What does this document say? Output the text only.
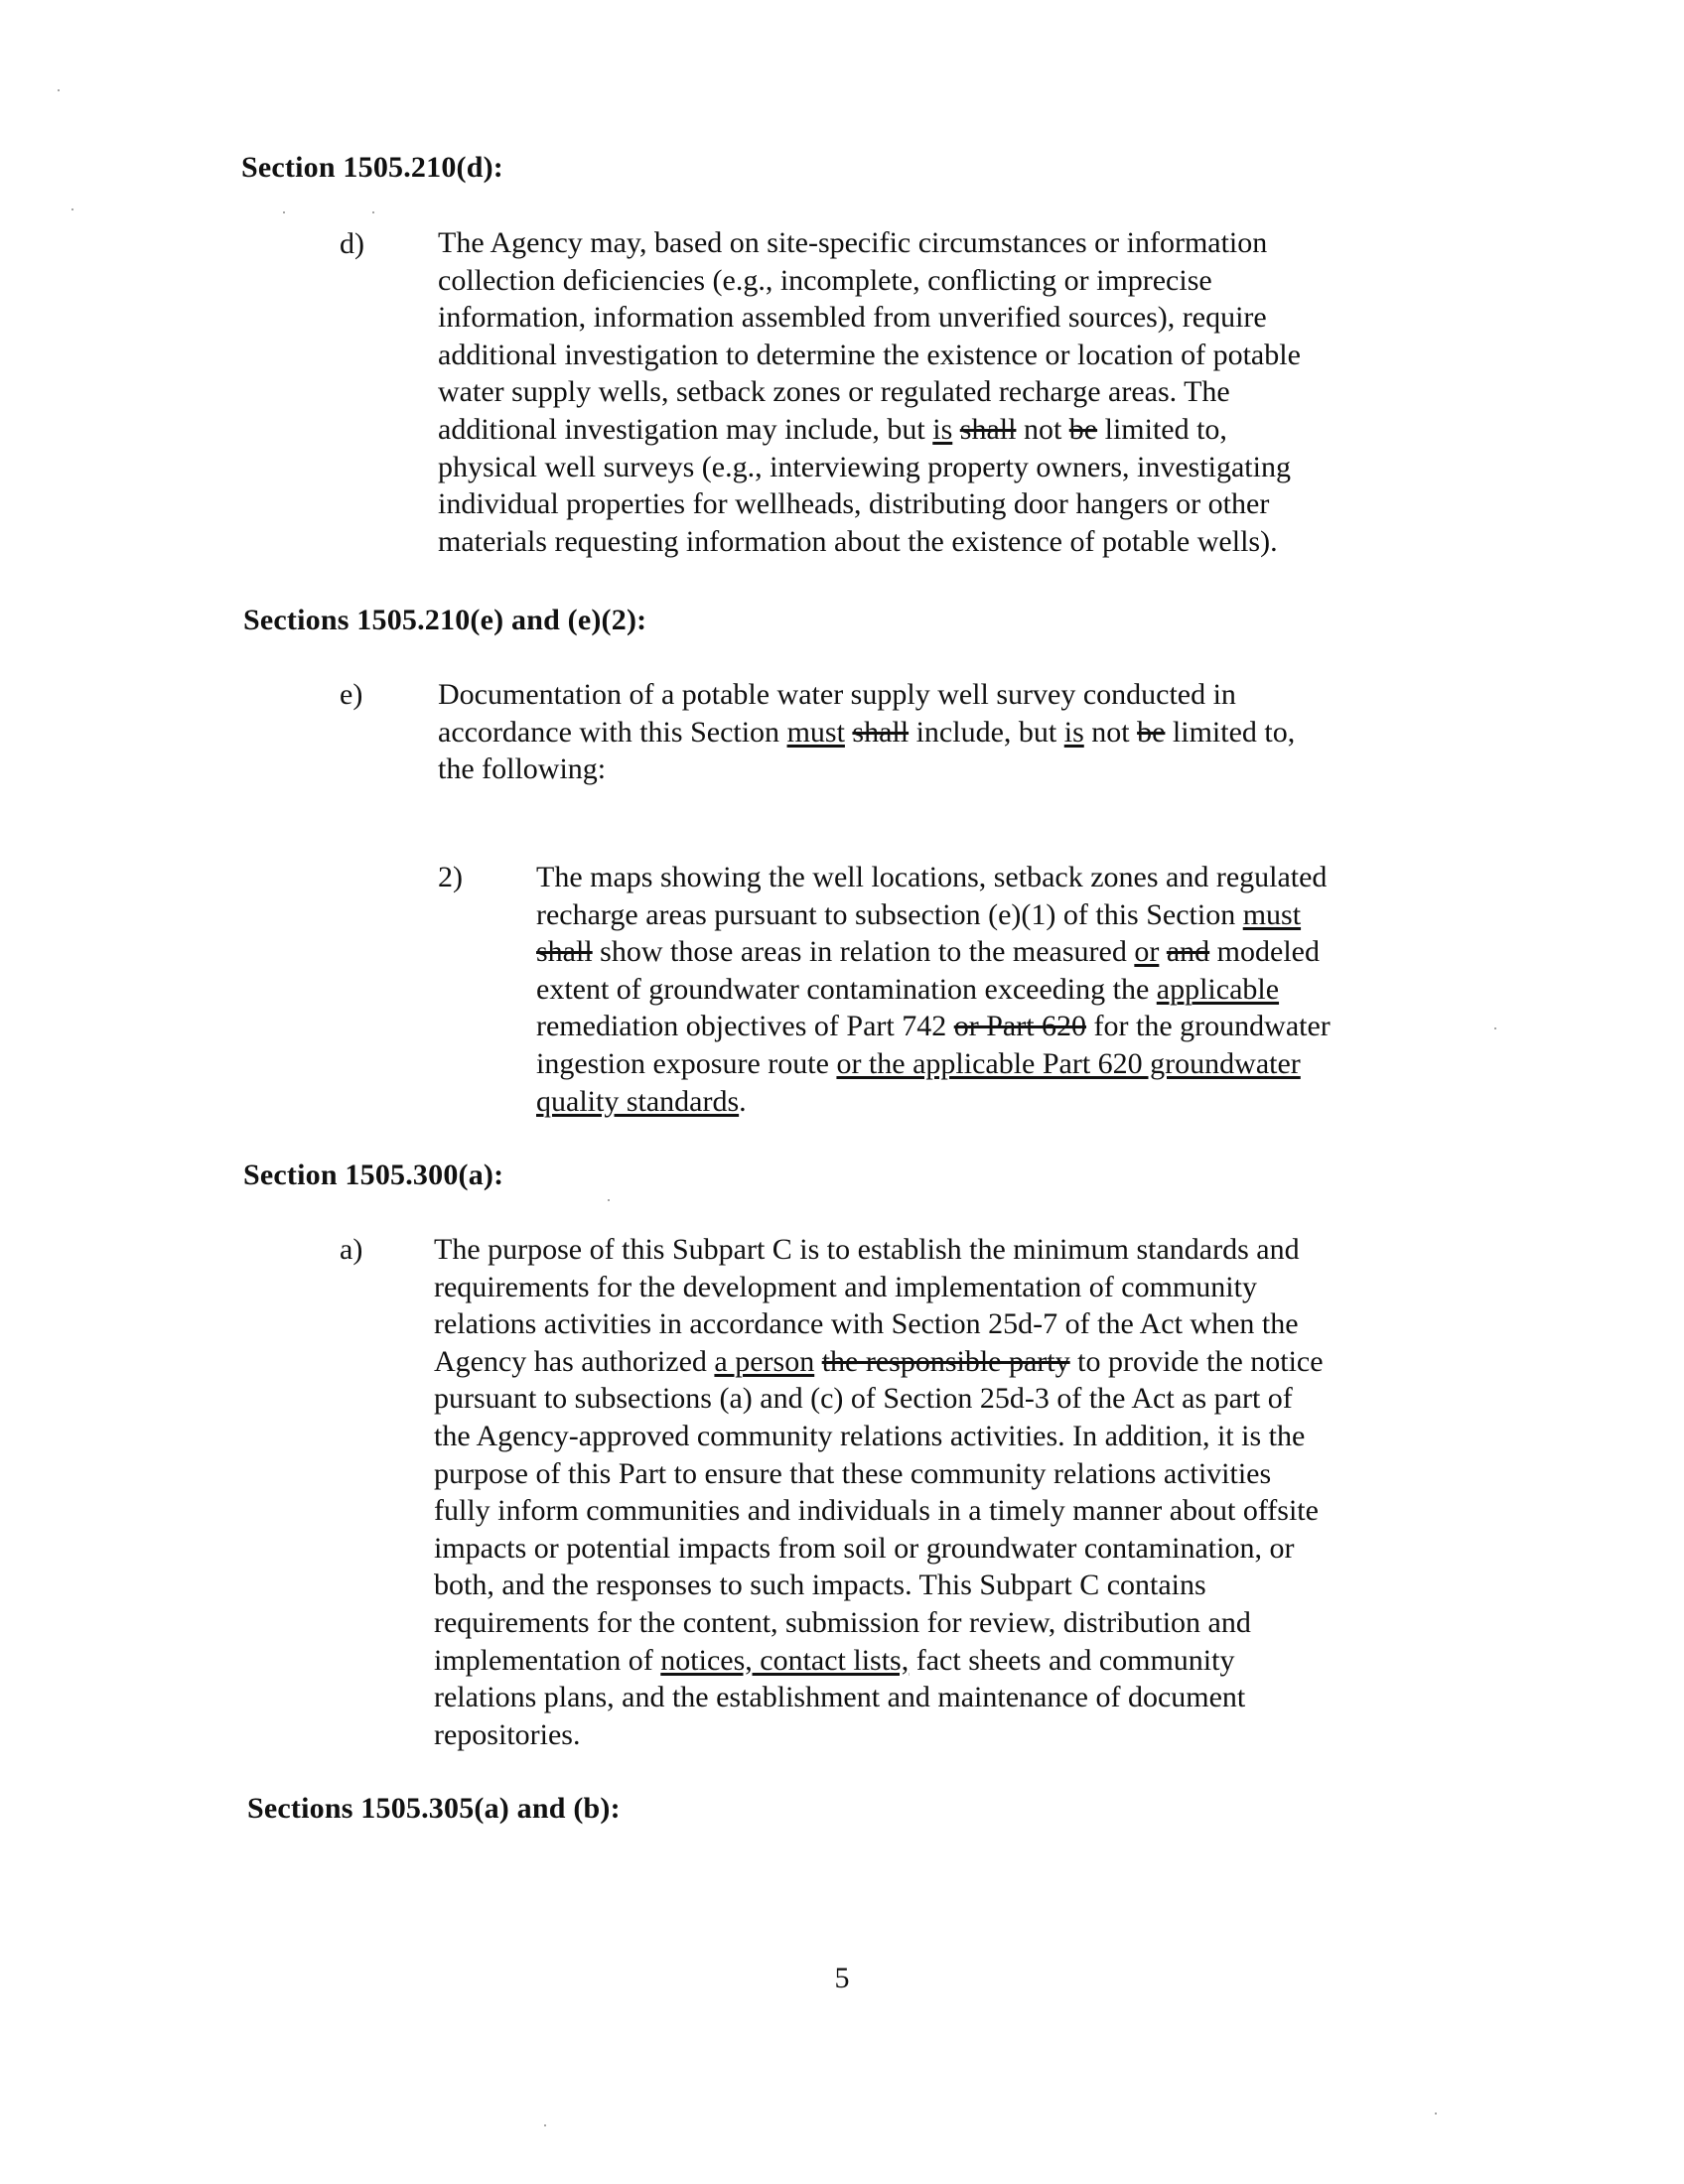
Section 1505.210(d):
d) The Agency may, based on site-specific circumstances or information
collection deficiencies (e.g., incomplete, conflicting or imprecise
information, information assembled from unverified sources), require
additional investigation to determine the existence or location of potable
water supply wells, setback zones or regulated recharge areas. The
additional investigation may include, but is shall not be limited to,
physical well surveys (e.g., interviewing property owners, investigating
individual properties for wellheads, distributing door hangers or other
materials requesting information about the existence of potable wells).
Sections 1505.210(e) and (e)(2):
e)	Documentation of a potable water supply well survey conducted in
accordance with this Section must shall include, but is not be limited to,
the following:
2) The maps showing the well locations, setback zones and regulated
recharge areas pursuant to subsection (e)(1) of this Section must
shall show those areas in relation to the measured or and modeled
extent of groundwater contamination exceeding the applicable
remediation objectives of Part 742 or Part 620 for the groundwater
ingestion exposure route or the applicable Part 620 groundwater
quality standards.
Section 1505.300(a):
a) The purpose of this Subpart C is to establish the minimum standards and
requirements for the development and implementation of community
relations activities in accordance with Section 25d-7 of the Act when the
Agency has authorized a person the responsible party to provide the notice
pursuant to subsections (a) and (c) of Section 25d-3 of the Act as part of
the Agency-approved community relations activities. In addition, it is the
purpose of this Part to ensure that these community relations activities
fully inform communities and individuals in a timely manner about offsite
impacts or potential impacts from soil or groundwater contamination, or
both, and the responses to such impacts. This Subpart C contains
requirements for the content, submission for review, distribution and
implementation of notices, contact lists, fact sheets and community
relations plans, and the establishment and maintenance of document
repositories.
Sections 1505.305(a) and (b):
5
